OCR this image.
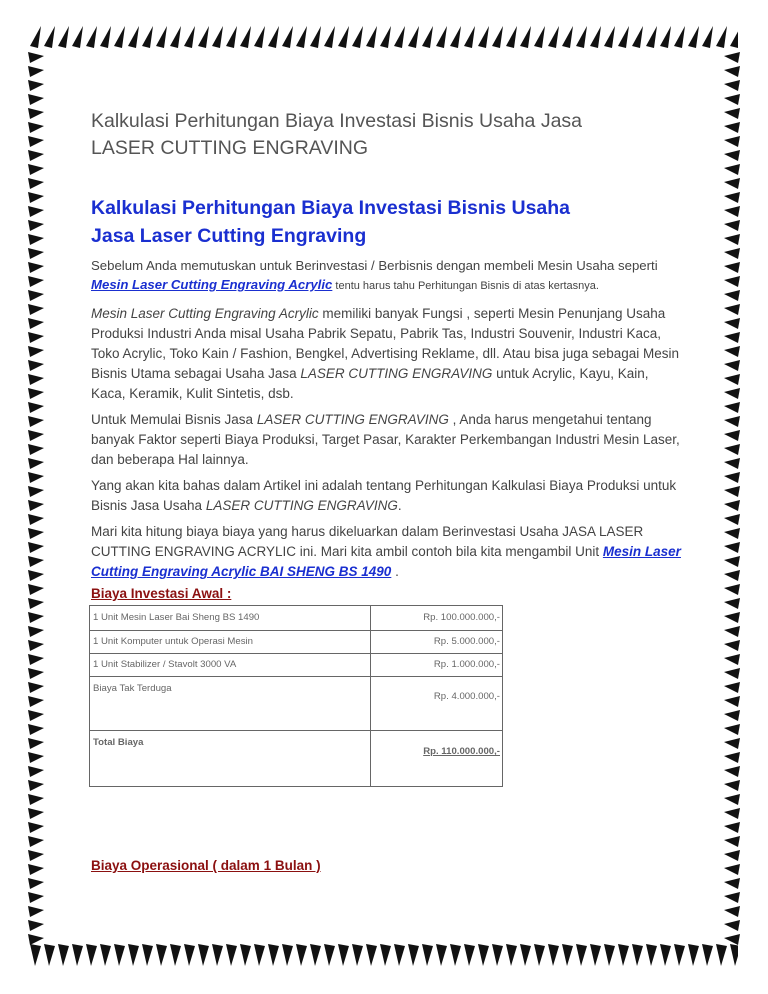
Kalkulasi Perhitungan Biaya Investasi Bisnis Usaha Jasa
LASER CUTTING ENGRAVING
Kalkulasi Perhitungan Biaya Investasi Bisnis Usaha
Jasa Laser Cutting Engraving

Sebelum Anda memutuskan untuk Berinvestasi / Berbisnis dengan membeli Mesin Usaha seperti Mesin Laser Cutting Engraving Acrylic tentu harus tahu Perhitungan Bisnis di atas kertasnya.

Mesin Laser Cutting Engraving Acrylic memiliki banyak Fungsi , seperti Mesin Penunjang Usaha Produksi Industri Anda misal Usaha Pabrik Sepatu, Pabrik Tas, Industri Souvenir, Industri Kaca, Toko Acrylic, Toko Kain / Fashion, Bengkel, Advertising Reklame, dll. Atau bisa juga sebagai Mesin Bisnis Utama sebagai Usaha Jasa LASER CUTTING ENGRAVING untuk Acrylic, Kayu, Kain, Kaca, Keramik, Kulit Sintetis, dsb.

Untuk Memulai Bisnis Jasa LASER CUTTING ENGRAVING , Anda harus mengetahui tentang banyak Faktor seperti Biaya Produksi, Target Pasar, Karakter Perkembangan Industri Mesin Laser, dan beberapa Hal lainnya.

Yang akan kita bahas dalam Artikel ini adalah tentang Perhitungan Kalkulasi Biaya Produksi untuk Bisnis Jasa Usaha LASER CUTTING ENGRAVING.

Mari kita hitung biaya biaya yang harus dikeluarkan dalam Berinvestasi Usaha JASA LASER CUTTING ENGRAVING ACRYLIC ini. Mari kita ambil contoh bila kita mengambil Unit Mesin Laser Cutting Engraving Acrylic BAI SHENG BS 1490 .

Biaya Investasi Awal :
1 Unit Mesin Laser Bai Sheng BS 1490	Rp. 100.000.000,-
1 Unit Komputer untuk Operasi Mesin	Rp. 5.000.000,-
1 Unit Stabilizer / Stavolt 3000 VA	Rp. 1.000.000,-
Biaya Tak Terduga	Rp. 4.000.000,-
Total Biaya	Rp. 110.000.000,-
Biaya Operasional ( dalam 1 Bulan )
